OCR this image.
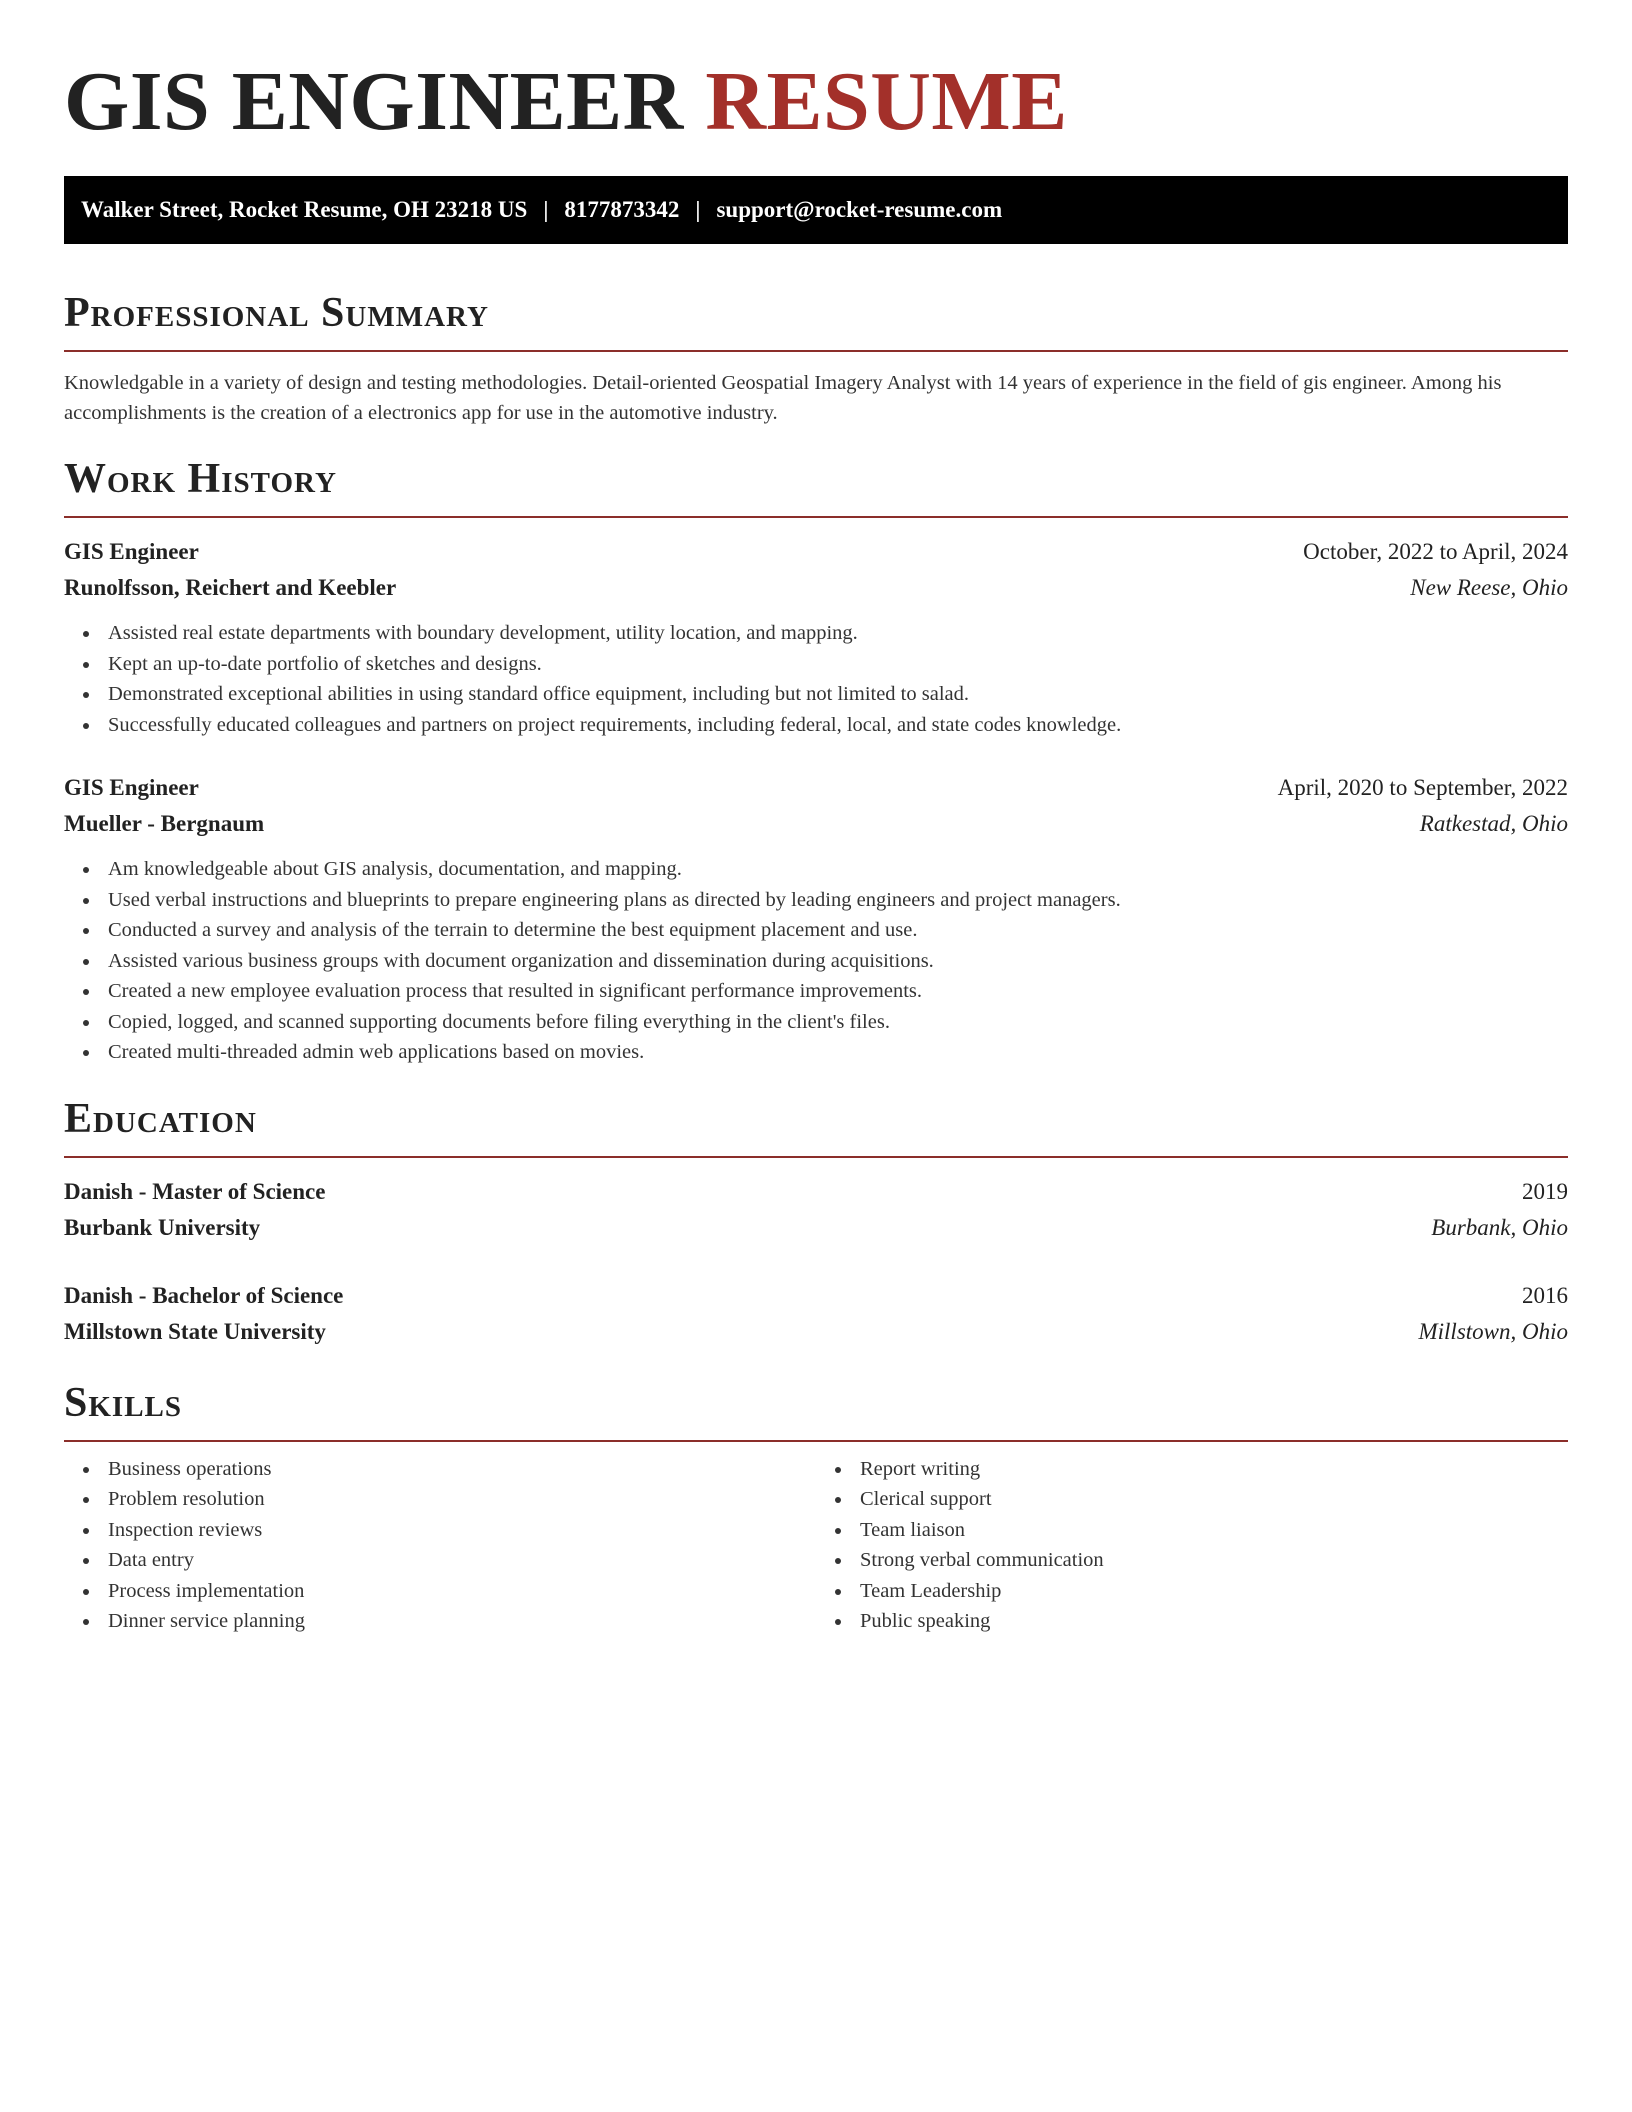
GIS ENGINEER RESUME
Walker Street, Rocket Resume, OH 23218 US | 8177873342 | support@rocket-resume.com
Professional Summary

Knowledgable in a variety of design and testing methodologies. Detail-oriented Geospatial Imagery Analyst with 14 years of experience in the field of gis engineer. Among his accomplishments is the creation of a electronics app for use in the automotive industry.

Work History
GIS Engineer	October, 2022 to April, 2024
Runolfsson, Reichert and Keebler	New Reese, Ohio
Assisted real estate departments with boundary development, utility location, and mapping.
Kept an up-to-date portfolio of sketches and designs.
Demonstrated exceptional abilities in using standard office equipment, including but not limited to salad.
Successfully educated colleagues and partners on project requirements, including federal, local, and state codes knowledge.
GIS Engineer	April, 2020 to September, 2022
Mueller - Bergnaum	Ratkestad, Ohio
Am knowledgeable about GIS analysis, documentation, and mapping.
Used verbal instructions and blueprints to prepare engineering plans as directed by leading engineers and project managers.
Conducted a survey and analysis of the terrain to determine the best equipment placement and use.
Assisted various business groups with document organization and dissemination during acquisitions.
Created a new employee evaluation process that resulted in significant performance improvements.
Copied, logged, and scanned supporting documents before filing everything in the client's files.
Created multi-threaded admin web applications based on movies.
Education
Danish - Master of Science	2019
Burbank University	Burbank, Ohio
Danish - Bachelor of Science	2016
Millstown State University	Millstown, Ohio
Skills
Business operations
Problem resolution
Inspection reviews
Data entry
Process implementation
Dinner service planning
Report writing
Clerical support
Team liaison
Strong verbal communication
Team Leadership
Public speaking
